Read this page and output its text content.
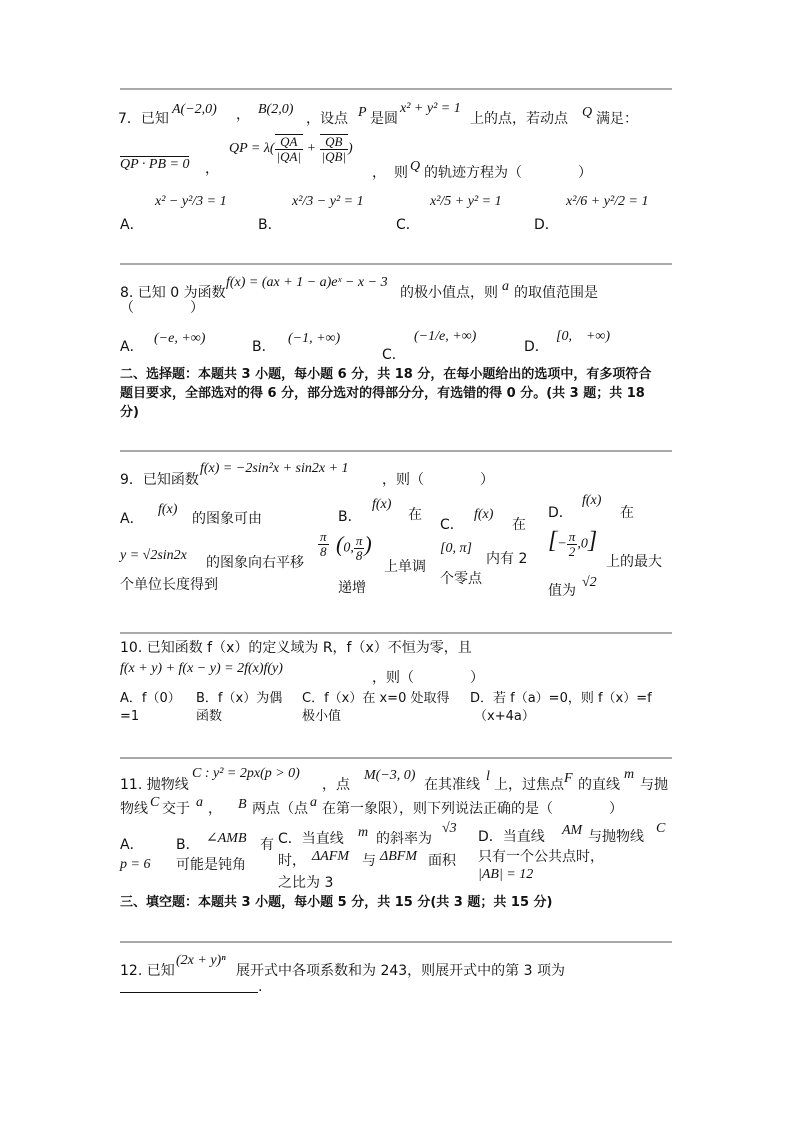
7．已知
A(−2,0) ， B(2,0)
，设点 P 是圆
x² + y² = 1
上的点，若动点 Q 满足：
QP · PB = 0 ，
QP = $\lambda( \frac{QA}{|QA|} + \frac{QB}{|QB|}$ )
， 则 Q 的轨迹方程为（　　　　）
A．
x² − y²/3 = 1
B．
x²/3 − y² = 1
C．
x²/5 + y² = 1
D．
x²/6 + y²/2 = 1
8. 已知 0 为函数
f(x) = (ax + 1 − a)eˣ − x − 3
的极小值点，则 a 的取值范围是
（　　　　）
A．
(−e, +∞)
B．
(−1, +∞)
C．
(−1/e, +∞)
D．
[0,　+∞)
二、选择题：本题共 3 小题，每小题 6 分，共 18 分，在每小题给出的选项中，有多项符合
题目要求，全部选对的得 6 分，部分选对的得部分分，有选错的得 0 分。(共 3 题；共 18
分)
9．已知函数
f(x) = −2sin²x + sin2x + 1
，则（　　　　）
A．
f(x)
的图象可由
y = √2sin2x 的图象向右平移
$\frac{\pi}{8}$
个单位长度得到
B．
f(x)
在
(0, $\frac{\pi}{8}$ )
上单调
递增
C．
f(x)
在
[0, π]
内有 2
个零点
D．
f(x)
在
[− $\frac{\pi}{2} ,0$]
上的最大
值为
√2
10. 已知函数 f（x）的定义域为 R，f（x）不恒为零，且
f(x + y) + f(x − y) = 2f(x)f(y)
，则（　　　　）
A．f（0）
=1
B．f（x）为偶
函数
C．f（x）在 x=0 处取得
极小值
D．若 f（a）=0，则 f（x）=f
（x+4a）
11. 抛物线
C : y² = 2px(p > 0)
，点
M(−3, 0)
在其准线
l
上，过焦点 F 的直线
m
与抛
物线 C 交于 a ， B 两点（点 a 在第一象限），则下列说法正确的是（　　　　）
A．
p = 6
B． ∠AMB 有
可能是钝角
C．当直线 m 的斜率为
√3
时， ΔAFM 与 ΔBFM 面积
之比为 3
D．当直线 AM 与抛物线
C
只有一个公共点时，
|AB| = 12
三、填空题：本题共 3 小题，每小题 5 分，共 15 分(共 3 题；共 15 分)
12. 已知
(2x + y)ⁿ
展开式中各项系数和为 243，则展开式中的第 3 项为
.
